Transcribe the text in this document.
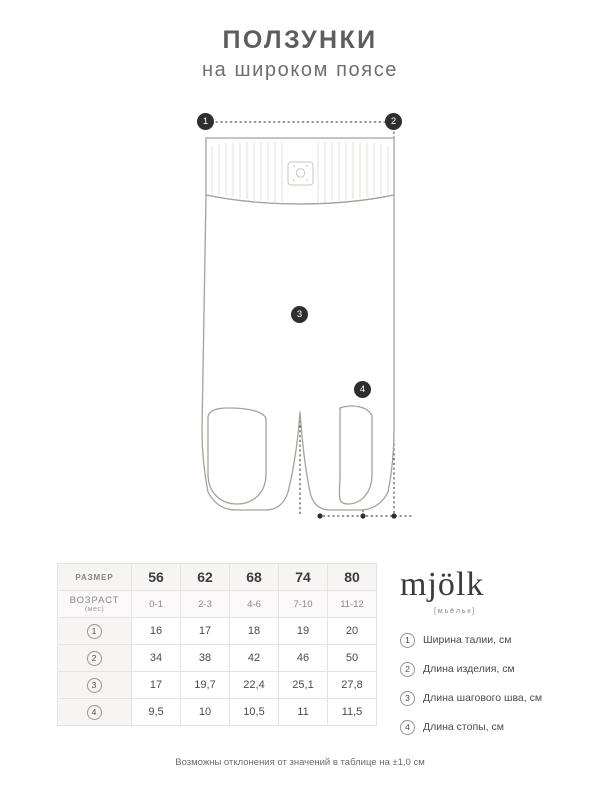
ПОЛЗУНКИ
на широком поясе
1	2
3
4
РАЗМЕР	56	62	68	74	80
ВОЗРАСТ
(мес)	0-1	2-3	4-6	7-10	11-12
1	16	17	18	19	20
2	34	38	42	46	50
3	17	19,7	22,4	25,1	27,8
4	9,5	10	10,5	11	11,5
mjölk
[мьёльк]
1	Ширина талии, см
2	Длина изделия, см
3	Длина шагового шва, см
4	Длина стопы, см
Возможны отклонения от значений в таблице на ±1,0 см
